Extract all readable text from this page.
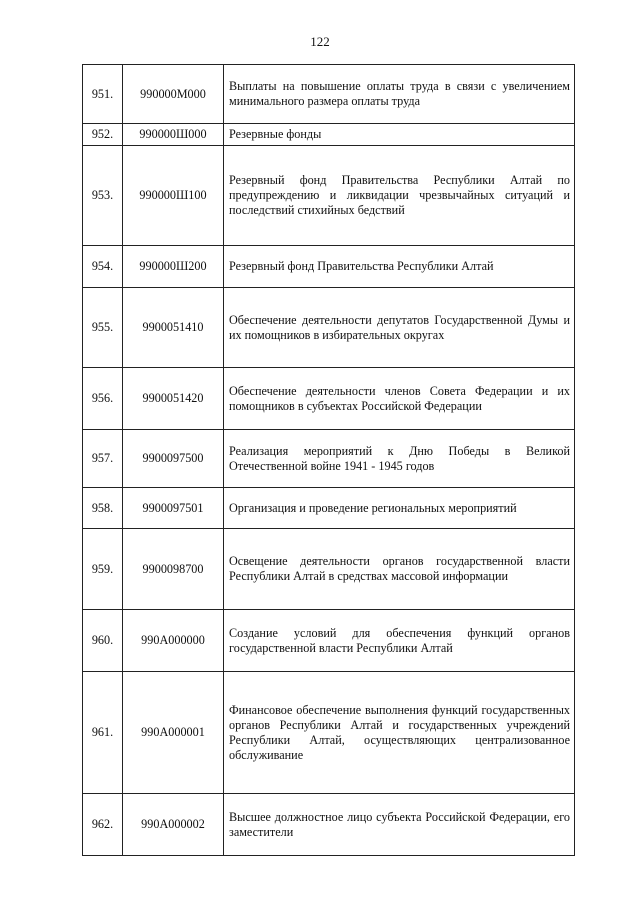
122
951.	990000М000	Выплаты на повышение оплаты труда в связи с увеличением минимального размера оплаты труда
952.	990000Ш000	Резервные фонды
953.	990000Ш100	Резервный фонд Правительства Республики Алтай по предупреждению и ликвидации чрезвычайных ситуаций и последствий стихийных бедствий
954.	990000Ш200	Резервный фонд Правительства Республики Алтай
955.	9900051410	Обеспечение деятельности депутатов Государственной Думы и их помощников в избирательных округах
956.	9900051420	Обеспечение деятельности членов Совета Федерации и их помощников в субъектах Российской Федерации
957.	9900097500	Реализация мероприятий к Дню Победы в Великой Отечественной войне 1941 - 1945 годов
958.	9900097501	Организация и проведение региональных мероприятий
959.	9900098700	Освещение деятельности органов государственной власти Республики Алтай в средствах массовой информации
960.	990А000000	Создание условий для обеспечения функций органов государственной власти Республики Алтай
961.	990А000001	Финансовое обеспечение выполнения функций государственных органов Республики Алтай и государственных учреждений Республики Алтай, осуществляющих централизованное обслуживание
962.	990А000002	Высшее должностное лицо субъекта Российской Федерации, его заместители
